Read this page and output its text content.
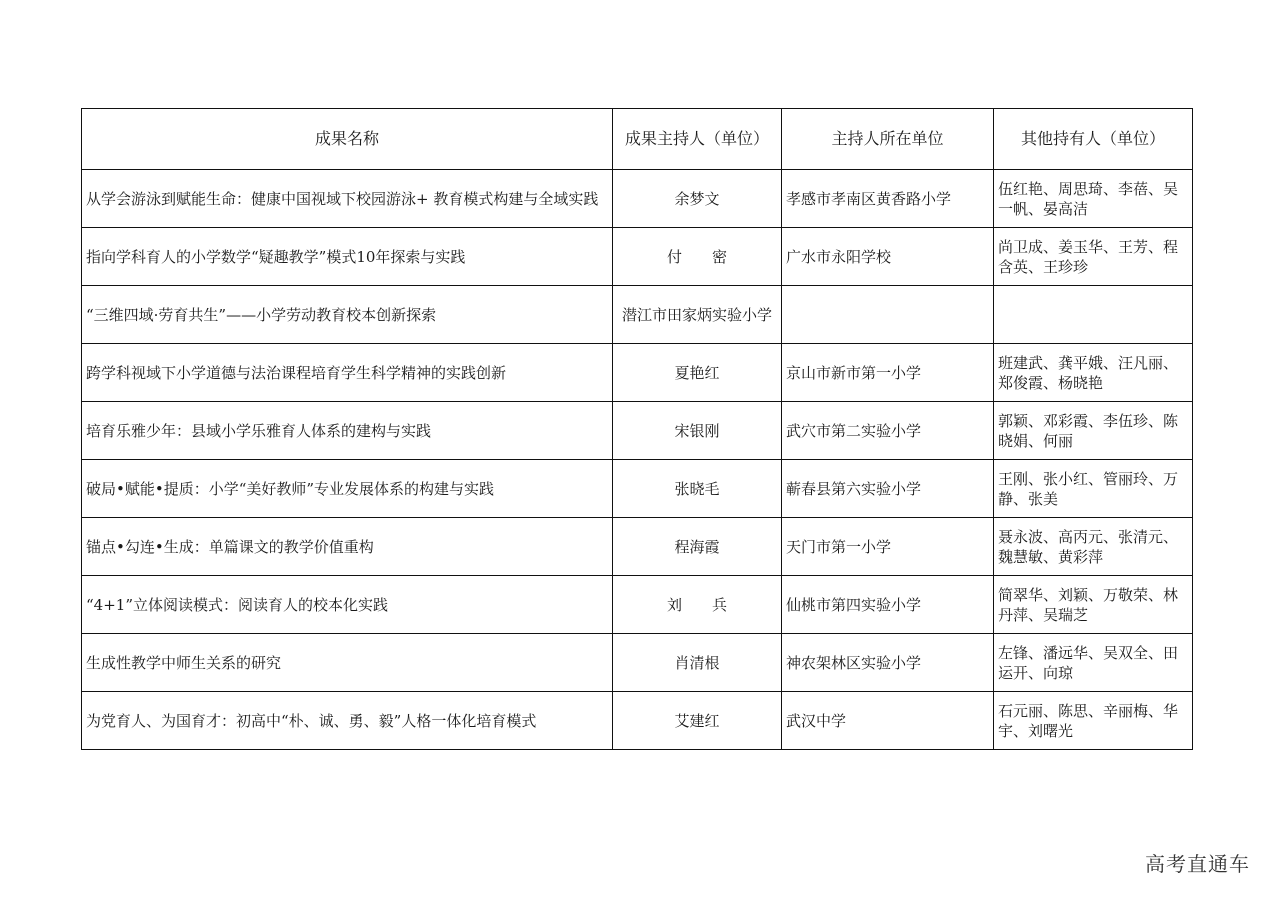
成果名称	成果主持人（单位）	主持人所在单位	其他持有人（单位）
从学会游泳到赋能生命：健康中国视域下校园游泳+ 教育模式构建与全域实践	余梦文	孝感市孝南区黄香路小学	伍红艳、周思琦、李蓓、吴一帆、晏高洁
指向学科育人的小学数学“疑趣教学”模式10年探索与实践	付　　密	广水市永阳学校	尚卫成、姜玉华、王芳、程含英、王珍珍
“三维四域·劳育共生”——小学劳动教育校本创新探索	潜江市田家炳实验小学		
跨学科视域下小学道德与法治课程培育学生科学精神的实践创新	夏艳红	京山市新市第一小学	班建武、龚平娥、汪凡丽、郑俊霞、杨晓艳
培育乐雅少年：县域小学乐雅育人体系的建构与实践	宋银刚	武穴市第二实验小学	郭颖、邓彩霞、李伍珍、陈晓娟、何丽
破局•赋能•提质：小学“美好教师”专业发展体系的构建与实践	张晓毛	蕲春县第六实验小学	王刚、张小红、管丽玲、万静、张美
锚点•勾连•生成：单篇课文的教学价值重构	程海霞	天门市第一小学	聂永波、高丙元、张清元、魏慧敏、黄彩萍
“4+1”立体阅读模式：阅读育人的校本化实践	刘　　兵	仙桃市第四实验小学	简翠华、刘颖、万敬荣、林丹萍、吴瑞芝
生成性教学中师生关系的研究	肖清根	神农架林区实验小学	左锋、潘远华、吴双全、田运开、向琼
为党育人、为国育才：初高中“朴、诚、勇、毅”人格一体化培育模式	艾建红	武汉中学	石元丽、陈思、辛丽梅、华宇、刘曙光
高考直通车
